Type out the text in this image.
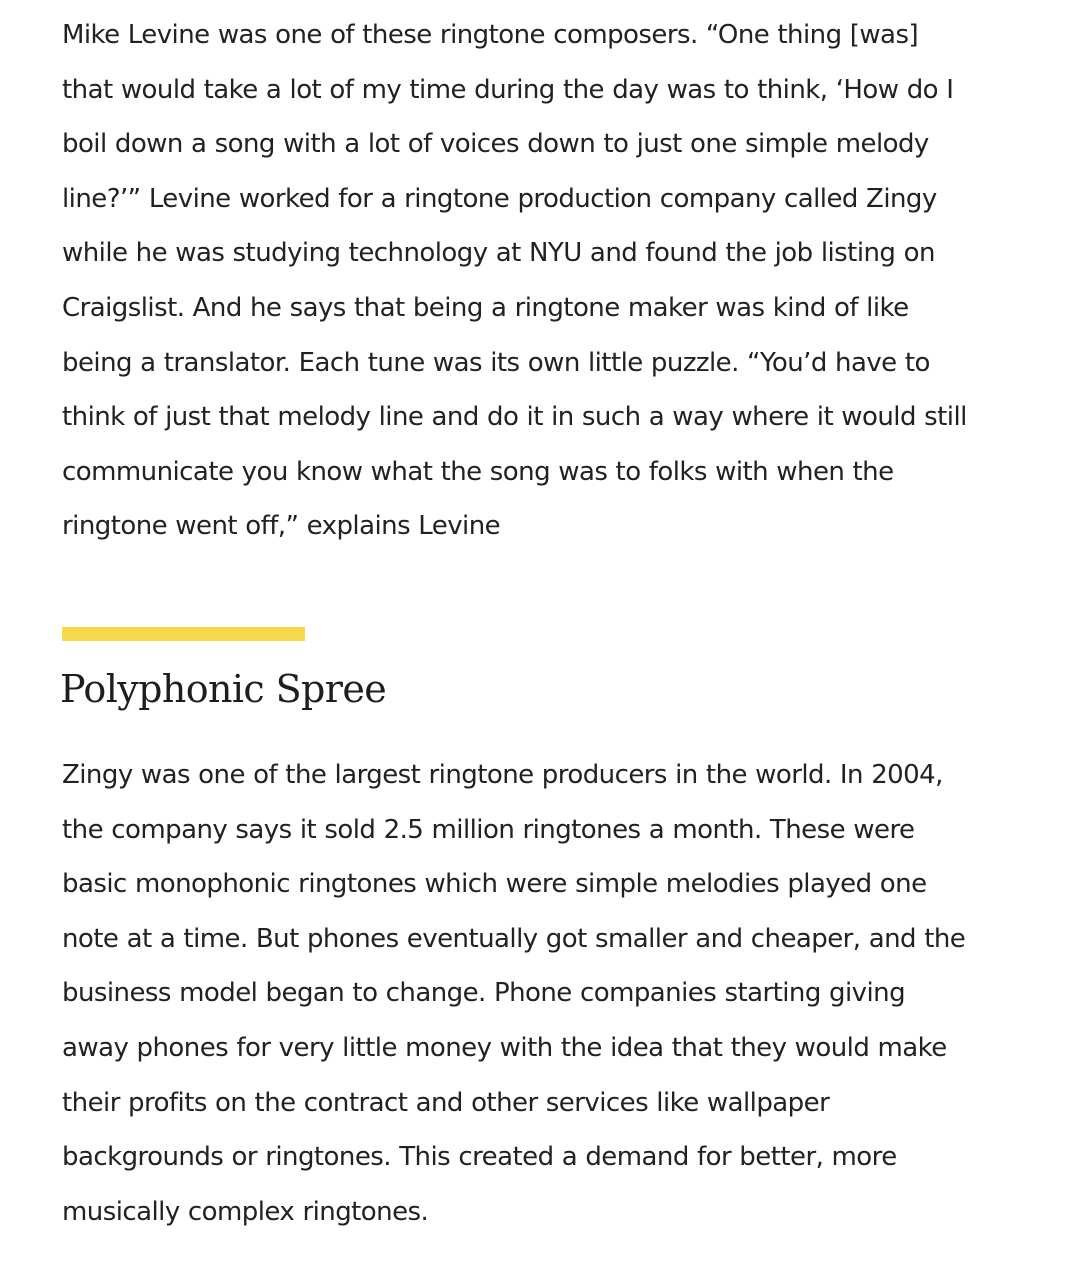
Mike Levine was one of these ringtone composers. “One thing [was]
that would take a lot of my time during the day was to think, ‘How do I
boil down a song with a lot of voices down to just one simple melody
line?’” Levine worked for a ringtone production company called Zingy
while he was studying technology at NYU and found the job listing on
Craigslist. And he says that being a ringtone maker was kind of like
being a translator. Each tune was its own little puzzle. “You’d have to
think of just that melody line and do it in such a way where it would still
communicate you know what the song was to folks with when the
ringtone went off,” explains Levine

Polyphonic Spree

Zingy was one of the largest ringtone producers in the world. In 2004,
the company says it sold 2.5 million ringtones a month. These were
basic monophonic ringtones which were simple melodies played one
note at a time. But phones eventually got smaller and cheaper, and the
business model began to change. Phone companies starting giving
away phones for very little money with the idea that they would make
their profits on the contract and other services like wallpaper
backgrounds or ringtones. This created a demand for better, more
musically complex ringtones.
